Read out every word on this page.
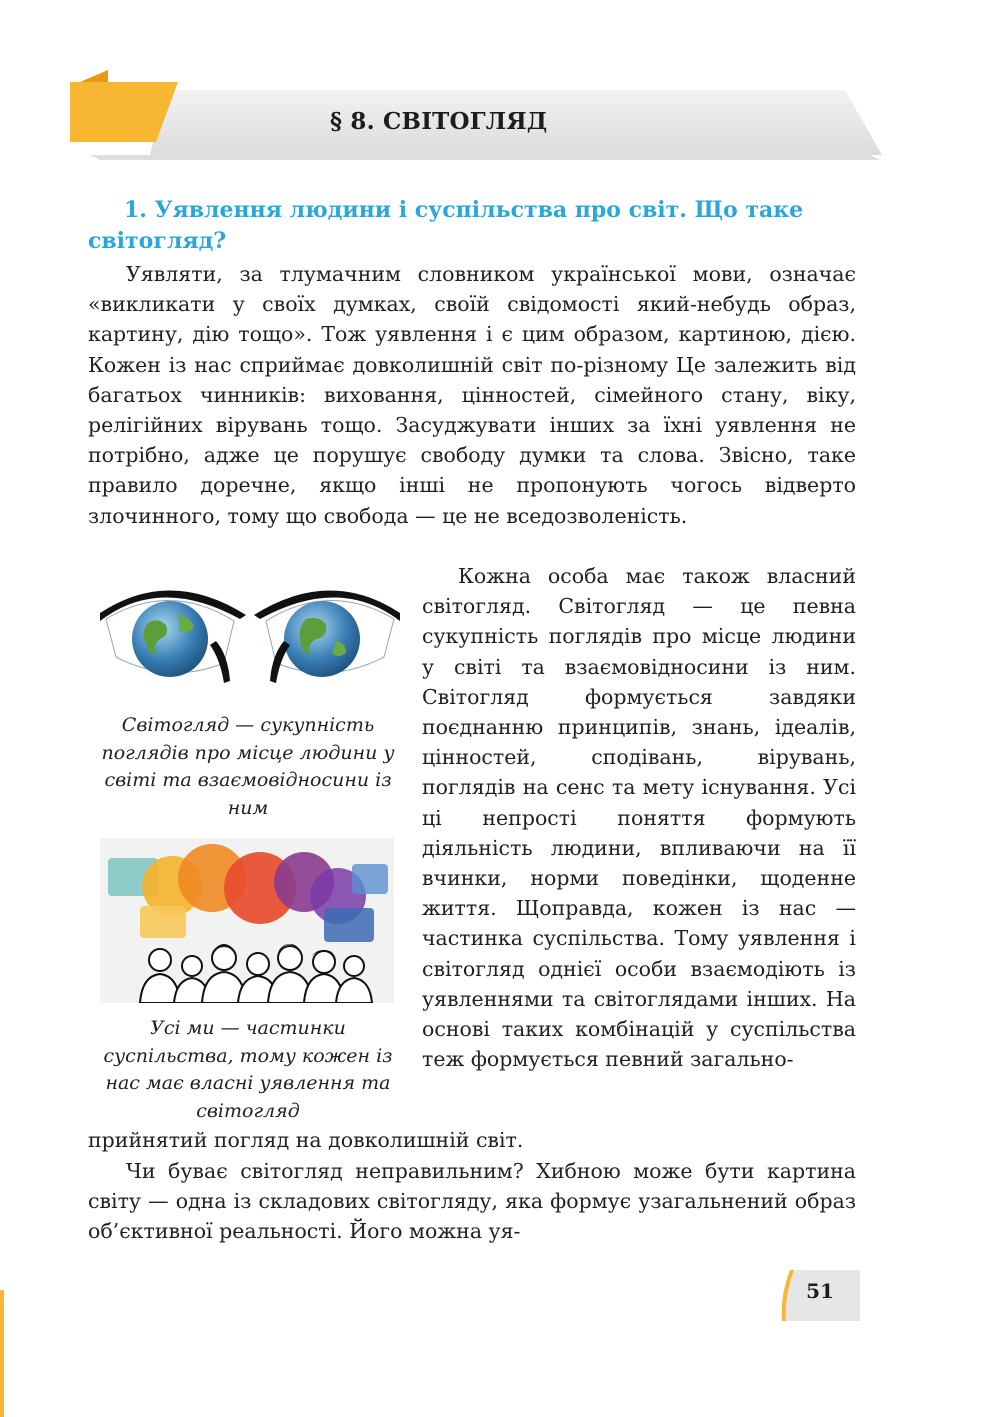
§ 8. СВІТОГЛЯД
1. Уявлення людини і суспільства про світ. Що таке світогляд?

Уявляти, за тлумачним словником української мови, означає «викликати у своїх думках, своїй свідомості який-небудь образ, картину, дію тощо». Тож уявлення і є цим образом, картиною, дією. Кожен із нас сприймає довколишній світ по-різному Це залежить від багатьох чинників: виховання, цінностей, сімейного стану, віку, релігійних вірувань тощо. Засуджувати інших за їхні уявлення не потрібно, адже це порушує свободу думки та слова. Звісно, таке правило доречне, якщо інші не пропонують чогось відверто злочинного, тому що свобода — це не вседозволеність.

Світогляд — сукупність поглядів про місце людини у світі та взаємовідносини із ним

Усі ми — частинки суспільства, тому кожен із нас має власні уявлення та світогляд

Кожна особа має також власний світогляд. Світогляд — це певна сукупність поглядів про місце людини у світі та взаємовідносини із ним. Світогляд формується завдяки поєднанню принципів, знань, ідеалів, цінностей, сподівань, вірувань, поглядів на сенс та мету існування. Усі ці непрості поняття формують діяльність людини, впливаючи на її вчинки, норми поведінки, щоденне життя. Щоправда, кожен із нас — частинка суспільства. Тому уявлення і світогляд однієї особи взаємодіють із уявленнями та світоглядами інших. На основі таких комбінацій у суспільства теж формується певний загально-

прийнятий погляд на довколишній світ.

Чи буває світогляд неправильним? Хибною може бути картина світу — одна із складових світогляду, яка формує узагальнений образ об’єктивної реальності. Його можна уя-

51
